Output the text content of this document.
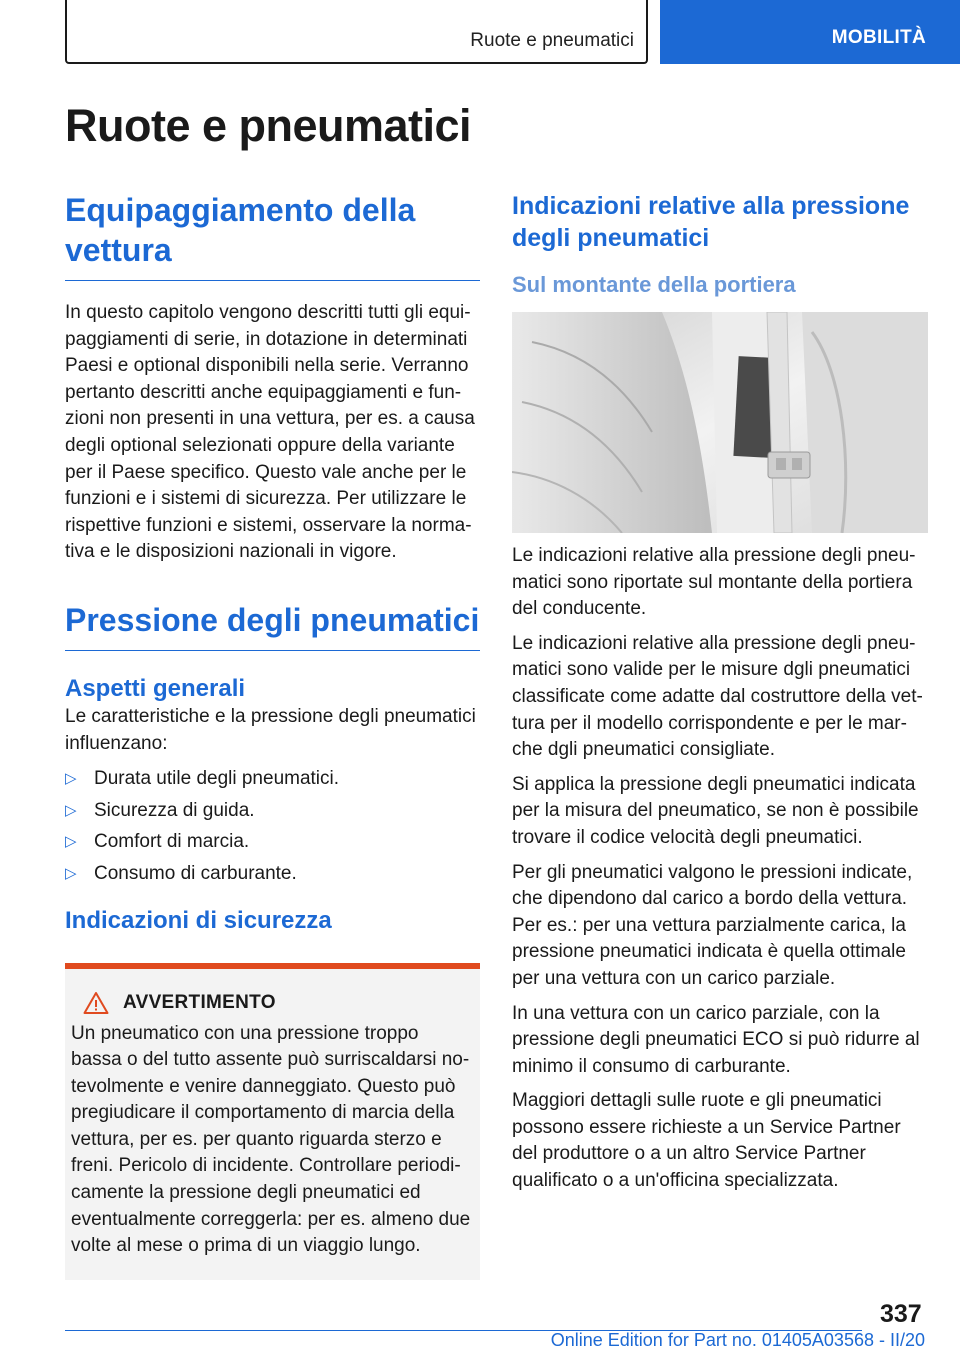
Ruote e pneumatici	MOBILITÀ
Ruote e pneumatici
Equipaggiamento della vettura

In questo capitolo vengono descritti tutti gli equipaggiamenti di serie, in dotazione in determinati Paesi e optional disponibili nella serie. Verranno pertanto descritti anche equipaggiamenti e funzioni non presenti in una vettura, per es. a causa degli optional selezionati oppure della variante per il Paese specifico. Questo vale anche per le funzioni e i sistemi di sicurezza. Per utilizzare le rispettive funzioni e sistemi, osservare la normativa e le disposizioni nazionali in vigore.

Pressione degli pneumatici
Aspetti generali

Le caratteristiche e la pressione degli pneumatici influenzano:

▷ Durata utile degli pneumatici.
▷ Sicurezza di guida.
▷ Comfort di marcia.
▷ Consumo di carburante.
Indicazioni di sicurezza
AVVERTIMENTO

Un pneumatico con una pressione troppo bassa o del tutto assente può surriscaldarsi notevolmente e venire danneggiato. Questo può pregiudicare il comportamento di marcia della vettura, per es. per quanto riguarda sterzo e freni. Pericolo di incidente. Controllare periodicamente la pressione degli pneumatici ed eventualmente correggerla: per es. almeno due volte al mese o prima di un viaggio lungo.

Indicazioni relative alla pressione degli pneumatici
Sul montante della portiera

Le indicazioni relative alla pressione degli pneumatici sono riportate sul montante della portiera del conducente.

Le indicazioni relative alla pressione degli pneumatici sono valide per le misure dgli pneumatici classificate come adatte dal costruttore della vettura per il modello corrispondente e per le marche dgli pneumatici consigliate.

Si applica la pressione degli pneumatici indicata per la misura del pneumatico, se non è possibile trovare il codice velocità degli pneumatici.

Per gli pneumatici valgono le pressioni indicate, che dipendono dal carico a bordo della vettura. Per es.: per una vettura parzialmente carica, la pressione pneumatici indicata è quella ottimale per una vettura con un carico parziale.

In una vettura con un carico parziale, con la pressione degli pneumatici ECO si può ridurre al minimo il consumo di carburante.

Maggiori dettagli sulle ruote e gli pneumatici possono essere richieste a un Service Partner del produttore o a un altro Service Partner qualificato o a un'officina specializzata.

337
Online Edition for Part no. 01405A03568 - II/20
